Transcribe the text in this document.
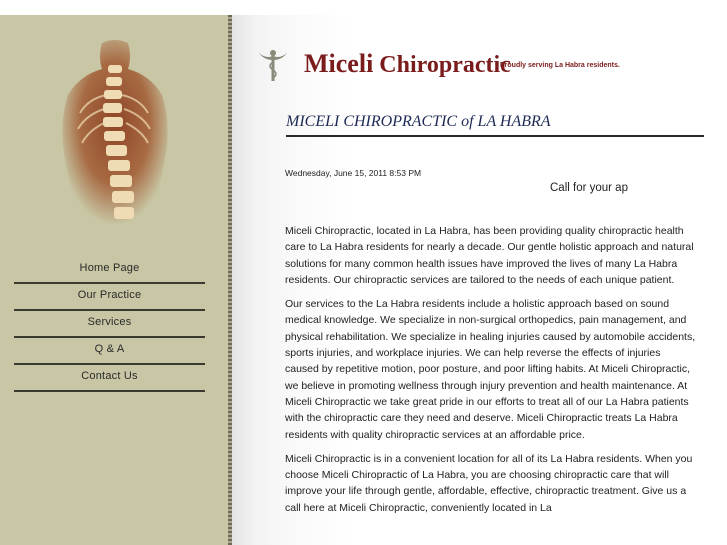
Home Page
Our Practice
Services
Q & A
Contact Us
Miceli Chiropractic
Proudly serving La Habra residents.
MICELI CHIROPRACTIC of LA HABRA
Wednesday, June 15, 2011 8:53 PM
Call for your ap

Miceli Chiropractic, located in La Habra, has been providing quality chiropractic health care to La Habra residents for nearly a decade. Our gentle holistic approach and natural solutions for many common health issues have improved the lives of many La Habra residents. Our chiropractic services are tailored to the needs of each unique patient.

Our services to the La Habra residents include a holistic approach based on sound medical knowledge. We specialize in non-surgical orthopedics, pain management, and physical rehabilitation. We specialize in healing injuries caused by automobile accidents, sports injuries, and workplace injuries. We can help reverse the effects of injuries caused by repetitive motion, poor posture, and poor lifting habits. At Miceli Chiropractic, we believe in promoting wellness through injury prevention and health maintenance. At Miceli Chiropractic we take great pride in our efforts to treat all of our La Habra patients with the chiropractic care they need and deserve. Miceli Chiropractic treats La Habra residents with quality chiropractic services at an affordable price.

Miceli Chiropractic is in a convenient location for all of its La Habra residents. When you choose Miceli Chiropractic of La Habra, you are choosing chiropractic care that will improve your life through gentle, affordable, effective, chiropractic treatment. Give us a call here at Miceli Chiropractic, conveniently located in La
